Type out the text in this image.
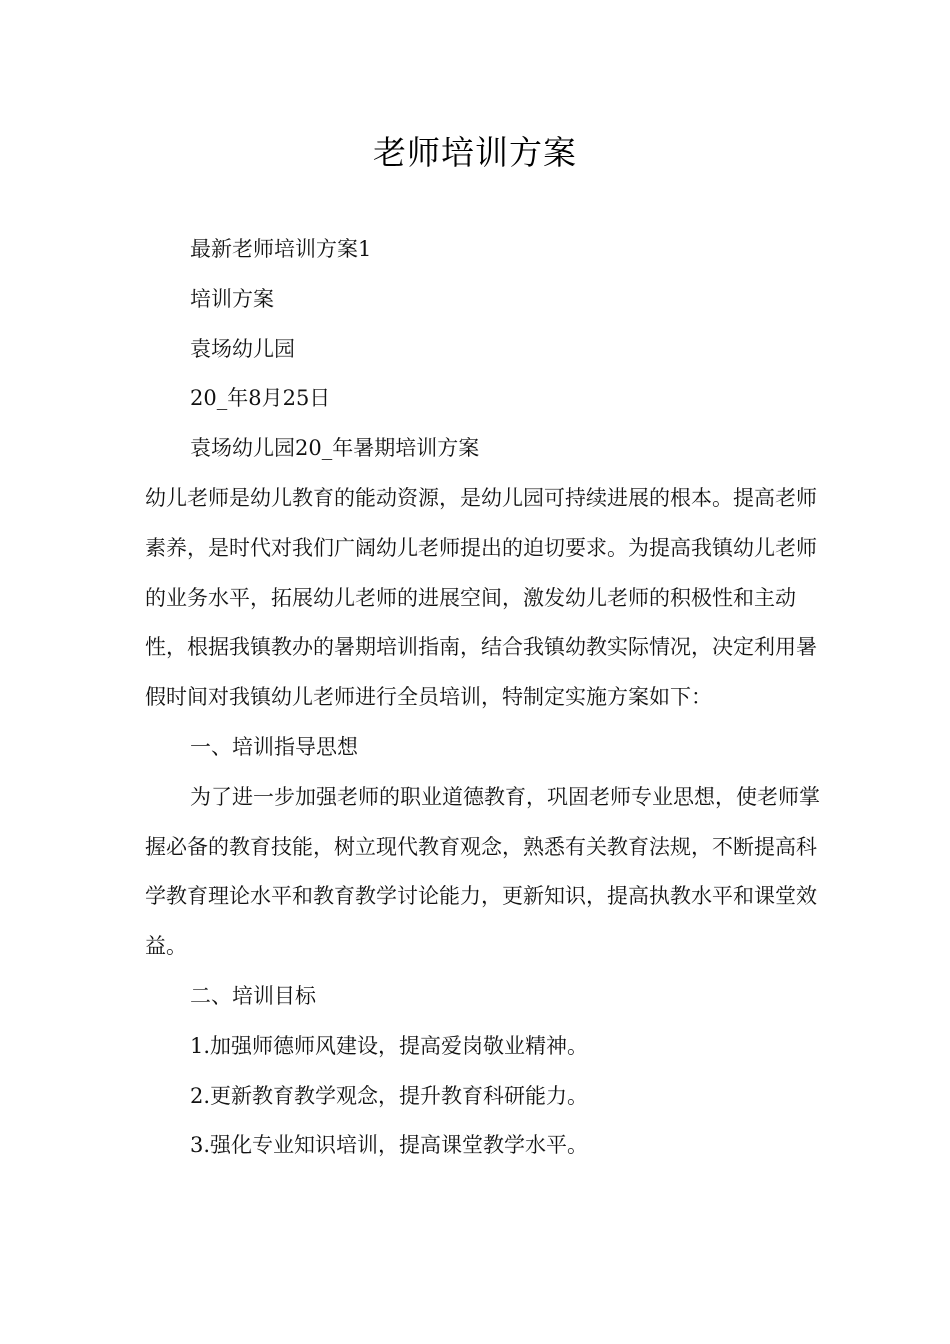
老师培训方案

最新老师培训方案1

培训方案

袁场幼儿园

20_年8月25日

袁场幼儿园20_年暑期培训方案

幼儿老师是幼儿教育的能动资源，是幼儿园可持续进展的根本。提高老师素养，是时代对我们广阔幼儿老师提出的迫切要求。为提高我镇幼儿老师的业务水平，拓展幼儿老师的进展空间，激发幼儿老师的积极性和主动性，根据我镇教办的暑期培训指南，结合我镇幼教实际情况，决定利用暑假时间对我镇幼儿老师进行全员培训，特制定实施方案如下：

一、培训指导思想

为了进一步加强老师的职业道德教育，巩固老师专业思想，使老师掌握必备的教育技能，树立现代教育观念，熟悉有关教育法规，不断提高科学教育理论水平和教育教学讨论能力，更新知识，提高执教水平和课堂效益。

二、培训目标

1.加强师德师风建设，提高爱岗敬业精神。

2.更新教育教学观念，提升教育科研能力。

3.强化专业知识培训，提高课堂教学水平。
